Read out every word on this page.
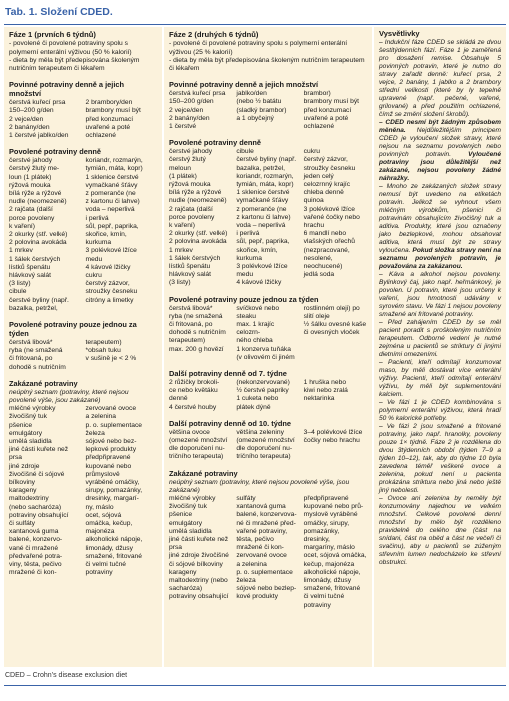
Tab. 1. Složení CDED.
Fáze 1 (prvních 6 týdnů)
- povolené či povolené potraviny spolu s polymerní enterální výživou (50 % kalorií)
- dieta by měla být předepisována školeným nutričním terapeutem či lékařem
Povinné potraviny denně a jejich množství
čerstvá kuřecí prsa
150–200 g/den
2 vejce/den
2 banány/den
1 čerstvé jablko/den
2 brambory/den
brambory musí být
před konzumací
uvařené a poté
ochlazené
Povolené potraviny denně
čerstvé jahody
čerstvý žlutý me-
loun (1 plátek)
rýžová mouka
bílá rýže a rýžové
nudle (neomezeně)
2 rajčata (další
porce povoleny
k vaření)
2 okurky (stř. velké)
2 polovina avokáda
1 mrkev
1 šálek čerstvých
lístků špenátu
hlávkový salát
(3 listy)
cibule
čerstvé byliny (např.
bazalka, petržel,
koriandr, rozmarýn,
tymián, máta, kopr)
1 sklenice čerstvé
vymačkané šťávy
z pomeranče (ne
z kartonu či lahve)
voda – neperlivá
i perlivá
sůl, pepř, paprika,
skořice, kmín,
kurkuma
3 polévkové lžíce
medu
4 kávové lžičky
cukru
čerstvý zázvor,
stroužky česneku
citróny a limetky
Povolené potraviny pouze jednou za týden
čerstvá libová*
ryba (ne smažená
či fritovaná, po
dohodě s nutričním
terapeutem)
*obsah tuku
v sušině je < 2 %
Zakázané potraviny
neúplný seznam (potraviny, které nejsou povolené výše, jsou zakázané)
mléčné výrobky
živočišný tuk
pšenice
emulgátory
umělá sladidla
jiné části kuřete než
prsa
jiné zdroje
živočišné či sójové
bílkoviny
karageny
maltodextriny
(nebo sacharóza)
potraviny obsahující
či sulfáty
xantanová guma
balené, konzervo-
vané či mražené
předvařené potra-
viny, těsta, pečivo
mražené či kon-
zervované ovoce
a zelenina
p. o. suplementace
železa
sójové nebo bez-
lepkové produkty
předpřipravené
kupované nebo
průmyslově
vyráběné omáčky,
sirupy, pomazánky,
dresinky, margarí-
ny, máslo
ocet, sójová
omáčka, kečup,
majonéza
alkoholické nápoje,
limonády, džusy
smažené, fritované
či velmi tučné
potraviny
Fáze 2 (druhých 6 týdnů)
- povolené či povolené potraviny spolu s polymerní enterální výživou (25 % kalorií)
- dieta by měla být předepisována školeným nutričním terapeutem či lékařem
Povinné potraviny denně a jejich množství
čerstvá kuřecí prsa
150–200 g/den
2 vejce/den
2 banány/den
1 čerstvé
jablko/den
(nebo ½ batátu
(sladký brambor)
a 1 obyčejný
brambor)
brambory musí být
před konzumací
uvařené a poté
ochlazené
Povolené potraviny denně
čerstvé jahody
čerstvý žlutý
meloun
(1 plátek)
rýžová mouka
bílá rýže a rýžové
nudle (neomezeně)
2 rajčata (další
porce povoleny
k vaření)
2 okurky (stř. velké)
2 polovina avokáda
1 mrkev
1 šálek čerstvých
lístků špenátu
hlávkový salát
(3 listy)
cibule
čerstvé byliny (např.
bazalka, petržel,
koriandr, rozmarýn,
tymián, máta, kopr)
1 sklenice čerstvé
vymačkané šťávy
z pomeranče (ne
z kartonu či lahve)
voda – neperlivá
i perlivá
sůl, pepř, paprika,
skořice, kmín,
kurkuma
3 polévkové lžíce
medu
4 kávové lžičky
cukru
čerstvý zázvor,
stroužky česneku
jeden celý
celozrnný krajíc
chleba denně
quinoa
3 polévkové lžíce
vařené čočky nebo
hrachu
6 mandlí nebo
vlašských ořechů
(nezpracované,
nesolené,
neochucené)
jedlá soda
Povolené potraviny pouze jednou za týden
čerstvá libová*
ryba (ne smažená
či fritovaná, po
dohodě s nutričním
terapeutem)
max. 200 g hovězí
svíčkové nebo
steaku
max. 1 krajíc celozrn-
ného chleba
1 konzerva tuňáka
(v olivovém či jiném
rostlinném oleji) po
slití oleje
½ šálku ovesné kaše
či ovesných vloček
Další potraviny denně od 7. týdne
2 růžičky brokoli-
ce nebo květáku
denně
4 čerstvé houby
(nekonzervované)
½ čerstvé papriky
1 cuketa nebo
plátek dýně
1 hruška nebo
kiwi nebo zralá
nektarinka
Další potraviny denně od 10. týdne
většina ovoce
(omezené množství
dle doporučení nu-
tričního terapeuta)
většina zeleniny
(omezené množství
dle doporučení nu-
tričního terapeuta)
3–4 polévkové lžíce
čočky nebo hrachu
Zakázané potraviny
neúplný seznam (potraviny, které nejsou povolené výše, jsou zakázané)
mléčné výrobky
živočišný tuk
pšenice
emulgátory
umělá sladidla
jiné části kuřete než
prsa
jiné zdroje živočišné
či sójové bílkoviny
karageny
maltodextriny (nebo
sacharóza)
potraviny obsahující
sulfáty
xantanová guma
balené, konzervova-
né či mražené před-
vařené potraviny,
těsta, pečivo
mražené či kon-
zervované ovoce
a zelenina
p. o. suplementace
železa
sójové nebo bezlep-
kové produkty
předpřipravené
kupované nebo prů-
myslově vyráběné
omáčky, sirupy,
pomazánky, dresinky,
margaríny, máslo
ocet, sójová omáčka,
kečup, majonéza
alkoholické nápoje,
limonády, džusy
smažené, fritované
či velmi tučné
potraviny

Vysvětlivky

– Indukční fáze CDED se skládá ze dvou šestitýdenních fází. Fáze 1 je zaměřená pro dosažení remise. Obsahuje 5 povinných potravin, které je nutno do stravy zařadit denně: kuřecí prsa, 2 vejce, 2 banány, 1 jablko a 2 brambory střední velikosti (které by ly tepelně upravené (např. pečené, vařené, grilované) a před použitím ochlazené, čímž se změní složení škrobů).

– CDED nesmí být žádným způsobem měněna. Nejdůležitějším principem CDED je vyloučení složek stravy, které nejsou na seznamu povolených nebo povinných potravin. Vyloučené potraviny jsou důležitější než zakázané, nejsou povoleny žádné náhražky.

– Mnoho ze zakázaných složek stravy nemusí být uvedeno na etiketách potravin. Jelikož se vyhnout všem mléčným výrobkům, pšenici či potravinám obsahujícím živočišný tuk a aditiva. Produkty, které jsou označeny jako bezlepkové, mohou obsahovat aditiva, která musí být ze stravy vyloučena. Pokud složka stravy není na seznamu povolených potravin, je považována za zakázanou.

– Káva a alkohol nejsou povoleny. Bylinkový čaj, jako např. heřmánkový, je povolen. U potravin, které jsou určeny k vaření, jsou hmotnosti udávány v syrovém stavu. Ve fázi 1 nejsou povoleny smažené ani fritované potraviny.

– Před zahájením CDED by se měl pacient poradit s proškoleným nutričním terapeutem. Odborné vedení je nutné zejména u pacientů se striktury či jinými dietními omezeními.

– Pacienti, kteří odmítají konzumovat maso, by měli dostávat více enterální výživy. Pacienti, kteří odmítají enterální výživu, by měli být suplementováni kalciem.

– Ve fázi 1 je CDED kombinována s polymerní enterální výživou, která hradí 50 % kalorické potřeby.

– Ve fázi 2 jsou smažené a fritované potraviny, jako např. hranolky, povoleny pouze 1× týdně. Fáze 2 je rozdělena do dvou 3týdenních období (týden 7–9 a týden 10–12), tak, aby do týdne 10 byla zavedena téměř veškeré ovoce a zelenina, pokud není u pacienta prokázána striktura nebo jiná nebo ještě jiný nebolesti.

– Ovoce ani zelenina by neměly být konzumovány najednou ve velkém množství. Celkové povolené denní množství by mělo být rozděleno pravidelně do celého dne (část na snídani, část na oběd a část ne večeři či svačinu), aby u pacientů se zúženým střevním lumen nedocházelo ke střevní obstrukci.

CDED – Crohn’s disease exclusion diet
